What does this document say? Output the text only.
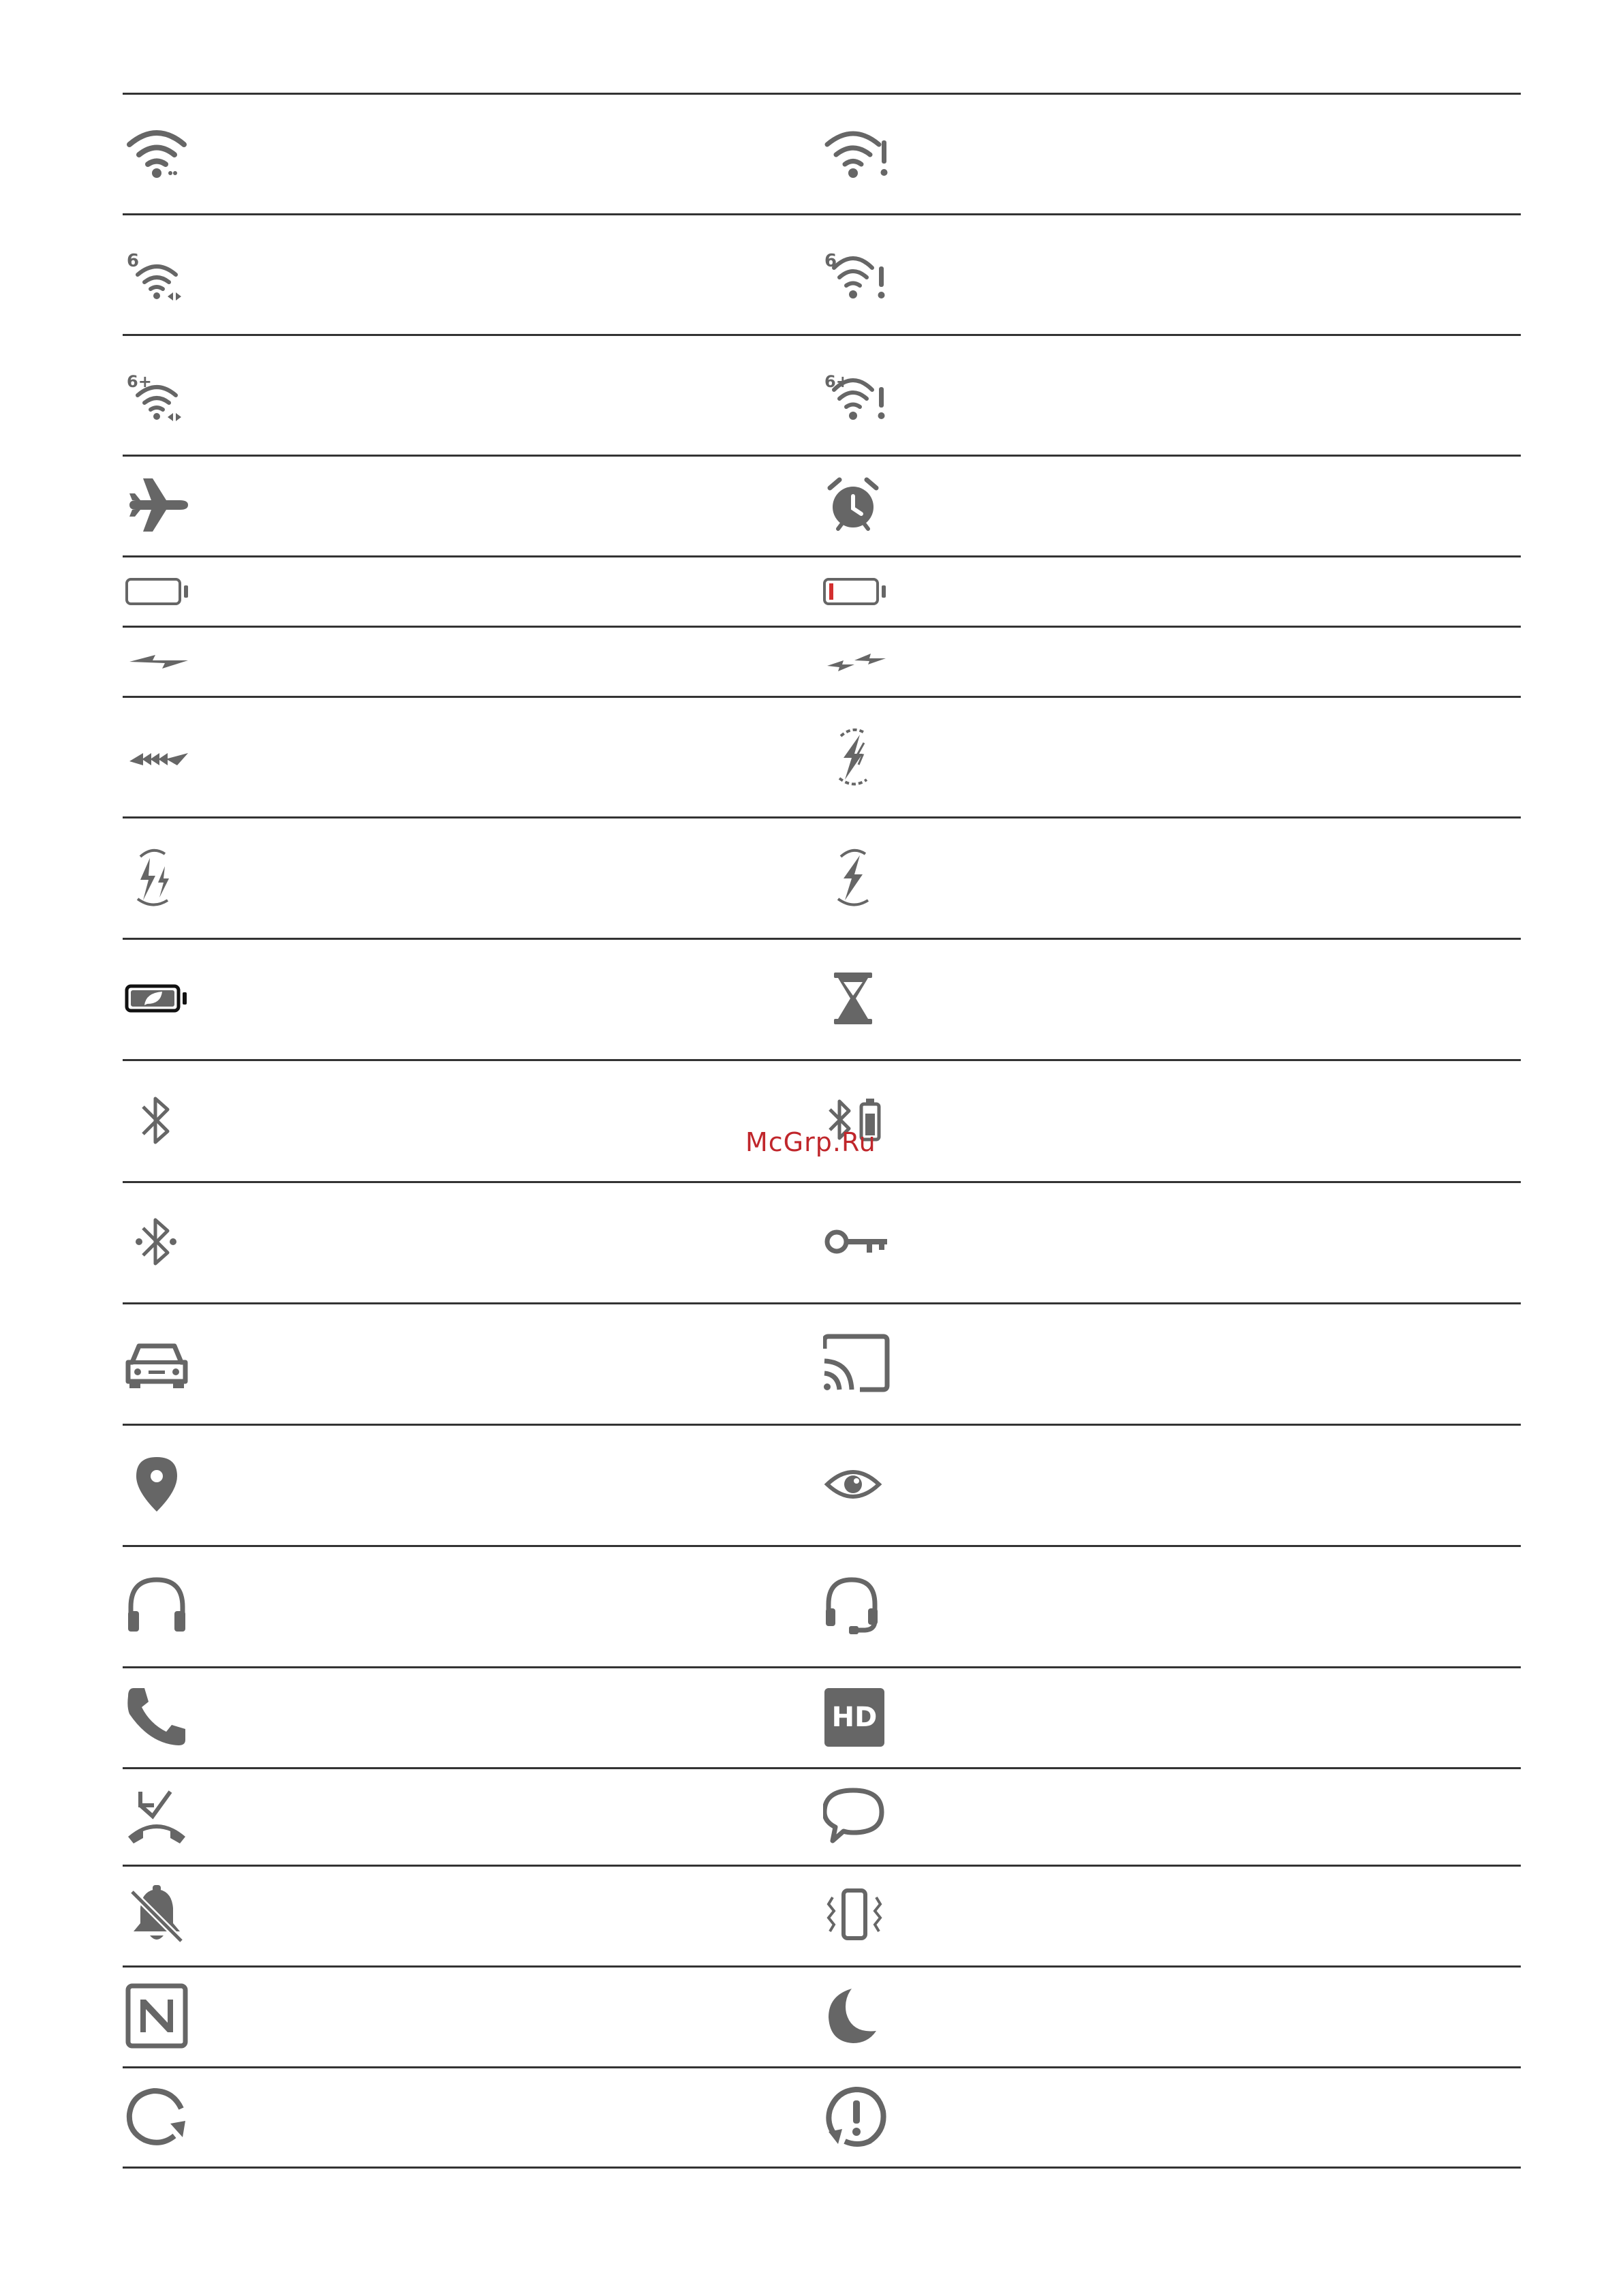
6	6
6+	6+
HD
McGrp.Ru
